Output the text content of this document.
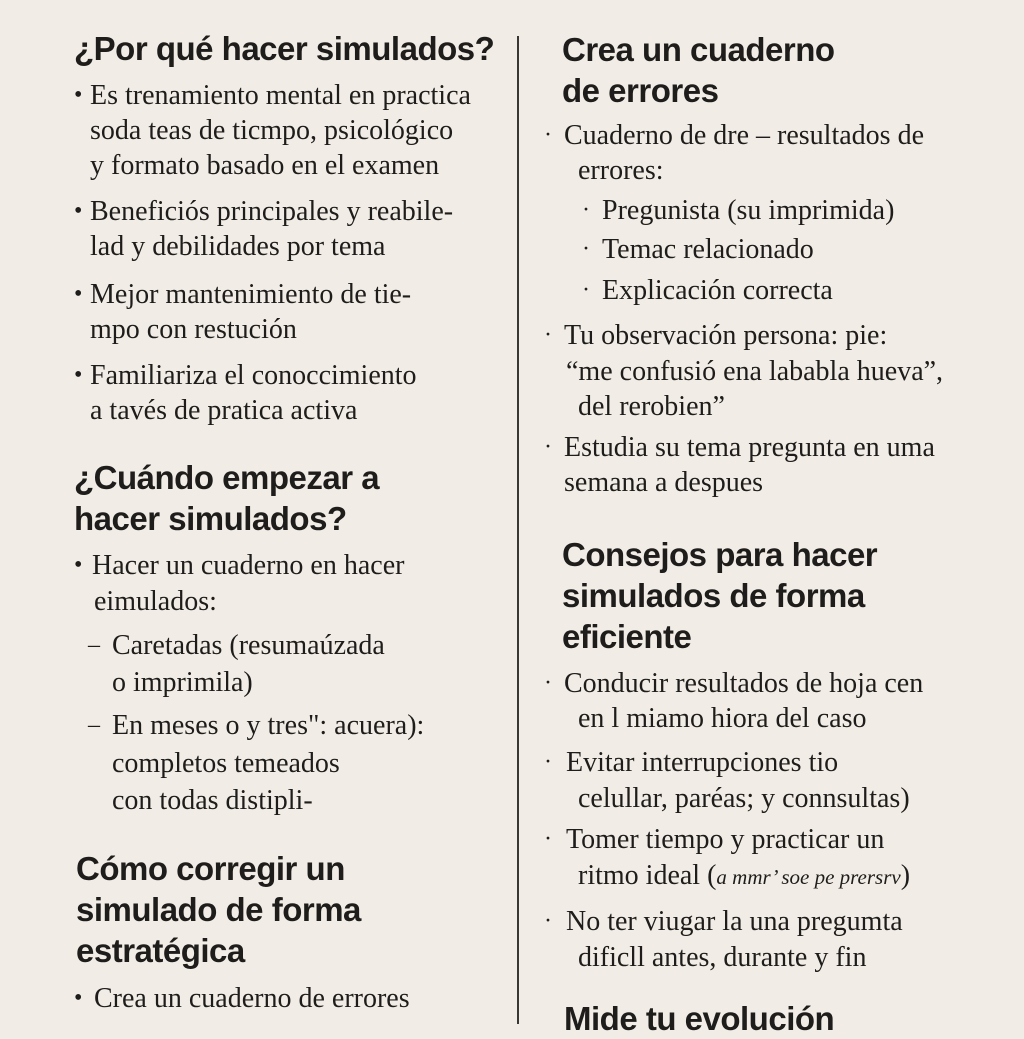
¿Por qué hacer simulados?
• Es trenamiento mental en practica
soda teas de ticmpo, psicológico
y formato basado en el examen
• Beneficiós principales y reabile-
lad y debilidades por tema
• Mejor mantenimiento de tie-
mpo con restución
• Familiariza el conoccimiento
a tavés de pratica activa
¿Cuándo empezar a
hacer simulados?
• Hacer un cuaderno en hacer
eimulados:
– Caretadas (resumaúzada
o imprimila)
– En meses o y tres": acuera):
completos temeados
con todas distipli-
Cómo corregir un
simulado de forma
estratégica
• Crea un cuaderno de errores
Crea un cuaderno
de errores
· Cuaderno de dre – resultados de
errores:
· Pregunista (su imprimida)
· Temac relacionado
· Explicación correcta
· Tu observación persona: pie:
“me confusió ena lababla hueva”,
del rerobien”
· Estudia su tema pregunta en uma
semana a despues
Consejos para hacer
simulados de forma
eficiente
· Conducir resultados de hoja cen
en l miamo hiora del caso
· Evitar interrupciones tio
celullar, paréas; y connsultas)
· Tomer tiempo y practicar un
ritmo ideal (a mmr’ soe pe prersrv)
· No ter viugar la una pregumta
dificll antes, durante y fin
Mide tu evolución
